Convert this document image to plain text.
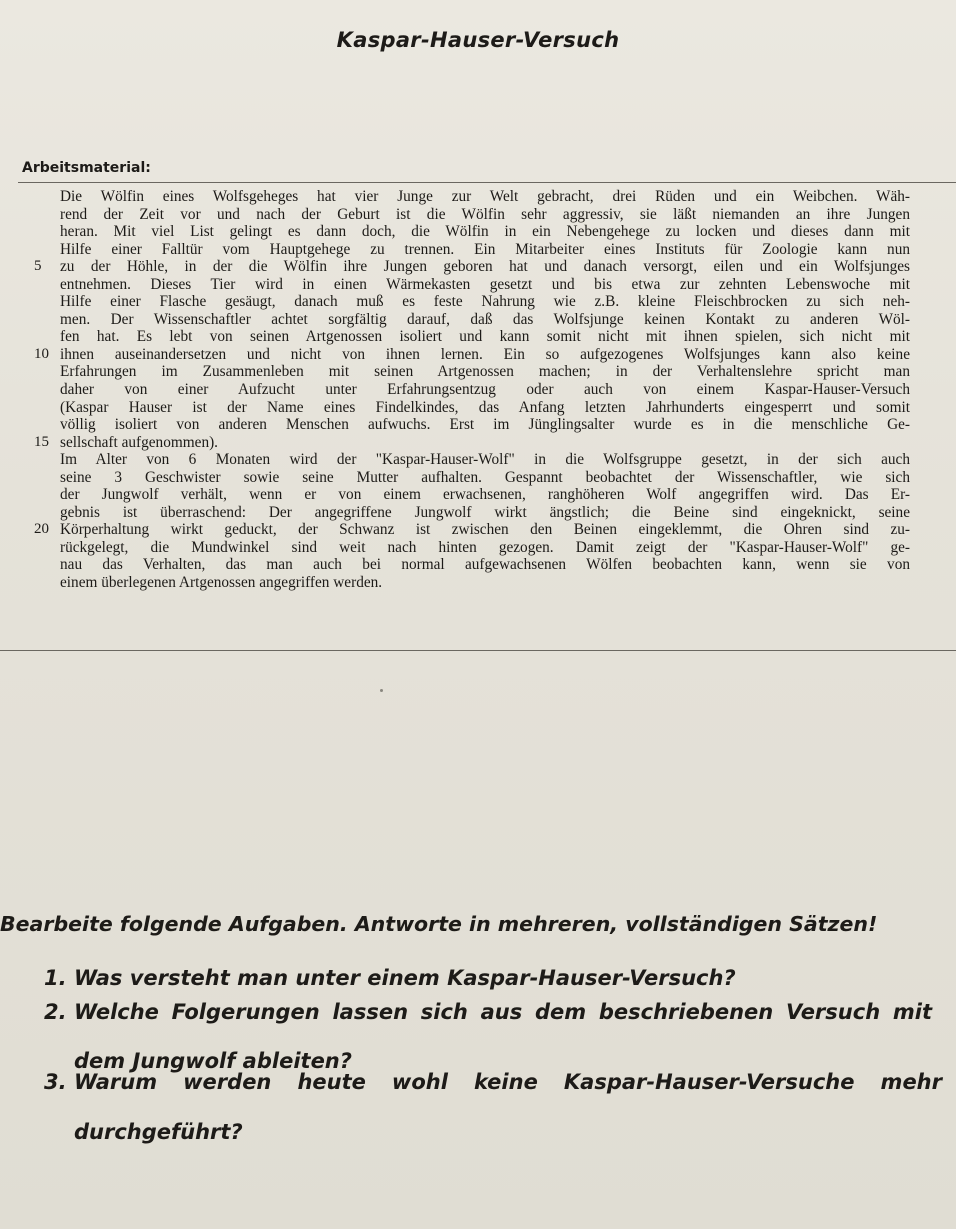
Kaspar-Hauser-Versuch
Arbeitsmaterial:
Die Wölfin eines Wolfsgeheges hat vier Junge zur Welt gebracht, drei Rüden und ein Weibchen. Wäh-
rend der Zeit vor und nach der Geburt ist die Wölfin sehr aggressiv, sie läßt niemanden an ihre Jungen
heran. Mit viel List gelingt es dann doch, die Wölfin in ein Nebengehege zu locken und dieses dann mit
Hilfe einer Falltür vom Hauptgehege zu trennen. Ein Mitarbeiter eines Instituts für Zoologie kann nun
zu der Höhle, in der die Wölfin ihre Jungen geboren hat und danach versorgt, eilen und ein Wolfsjunges
5
entnehmen. Dieses Tier wird in einen Wärmekasten gesetzt und bis etwa zur zehnten Lebenswoche mit
Hilfe einer Flasche gesäugt, danach muß es feste Nahrung wie z.B. kleine Fleischbrocken zu sich neh-
men. Der Wissenschaftler achtet sorgfältig darauf, daß das Wolfsjunge keinen Kontakt zu anderen Wöl-
fen hat. Es lebt von seinen Artgenossen isoliert und kann somit nicht mit ihnen spielen, sich nicht mit
ihnen auseinandersetzen und nicht von ihnen lernen. Ein so aufgezogenes Wolfsjunges kann also keine
10
Erfahrungen im Zusammenleben mit seinen Artgenossen machen; in der Verhaltenslehre spricht man
daher von einer Aufzucht unter Erfahrungsentzug oder auch von einem Kaspar-Hauser-Versuch
(Kaspar Hauser ist der Name eines Findelkindes, das Anfang letzten Jahrhunderts eingesperrt und somit
völlig isoliert von anderen Menschen aufwuchs. Erst im Jünglingsalter wurde es in die menschliche Ge-
sellschaft aufgenommen).
15
Im Alter von 6 Monaten wird der "Kaspar-Hauser-Wolf" in die Wolfsgruppe gesetzt, in der sich auch
seine 3 Geschwister sowie seine Mutter aufhalten. Gespannt beobachtet der Wissenschaftler, wie sich
der Jungwolf verhält, wenn er von einem erwachsenen, ranghöheren Wolf angegriffen wird. Das Er-
gebnis ist überraschend: Der angegriffene Jungwolf wirkt ängstlich; die Beine sind eingeknickt, seine
Körperhaltung wirkt geduckt, der Schwanz ist zwischen den Beinen eingeklemmt, die Ohren sind zu-
20
rückgelegt, die Mundwinkel sind weit nach hinten gezogen. Damit zeigt der "Kaspar-Hauser-Wolf" ge-
nau das Verhalten, das man auch bei normal aufgewachsenen Wölfen beobachten kann, wenn sie von
einem überlegenen Artgenossen angegriffen werden.
Bearbeite folgende Aufgaben. Antworte in mehreren, vollständigen Sätzen!
1. Was versteht man unter einem Kaspar-Hauser-Versuch?
2. Welche Folgerungen lassen sich aus dem beschriebenen Versuch mit
dem Jungwolf ableiten?
3. Warum werden heute wohl keine Kaspar-Hauser-Versuche mehr
durchgeführt?
